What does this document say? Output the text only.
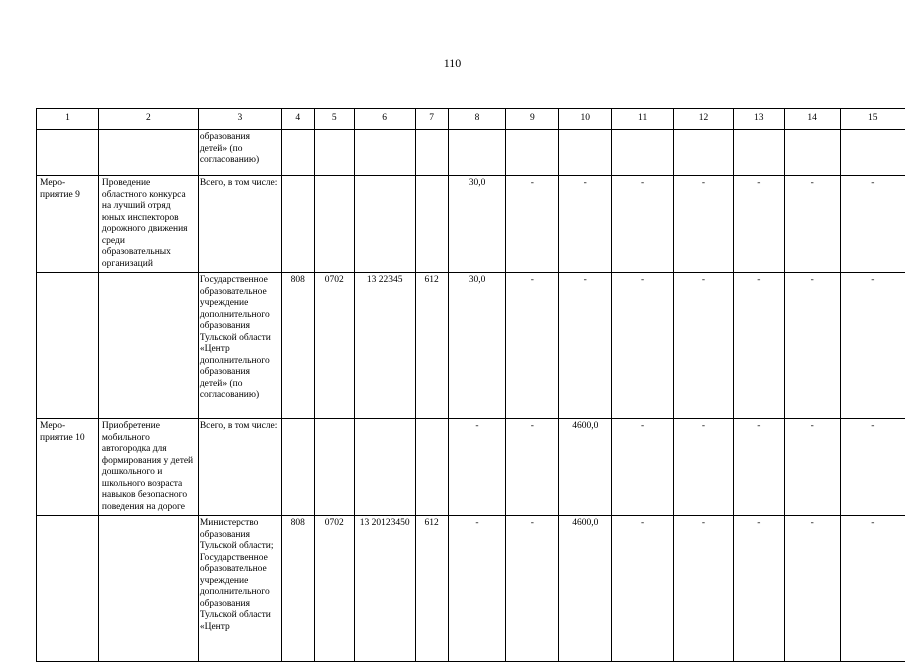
110
1	2	3	4	5	6	7	8	9	10	11	12	13	14	15
		образования детей» (по согласованию)												
Меро-приятие 9	Проведение областного конкурса на лучший отряд юных инспекторов дорожного движения среди образовательных организаций	Всего, в том числе:					30,0	-	-	-	-	-	-	-
		Государственное образовательное учреждение дополнительного образования Тульской области «Центр дополнительного образования детей» (по согласованию)	808	0702	13 22345	612	30,0	-	-	-	-	-	-	-
Меро-приятие 10	Приобретение мобильного автогородка для формирования у детей дошкольного и школьного возраста навыков безопасного поведения на дороге	Всего, в том числе:					-	-	4600,0	-	-	-	-	-
		Министерство образования Тульской области; Государственное образовательное учреждение дополнительного образования Тульской области «Центр	808	0702	13 20123450	612	-	-	4600,0	-	-	-	-	-
